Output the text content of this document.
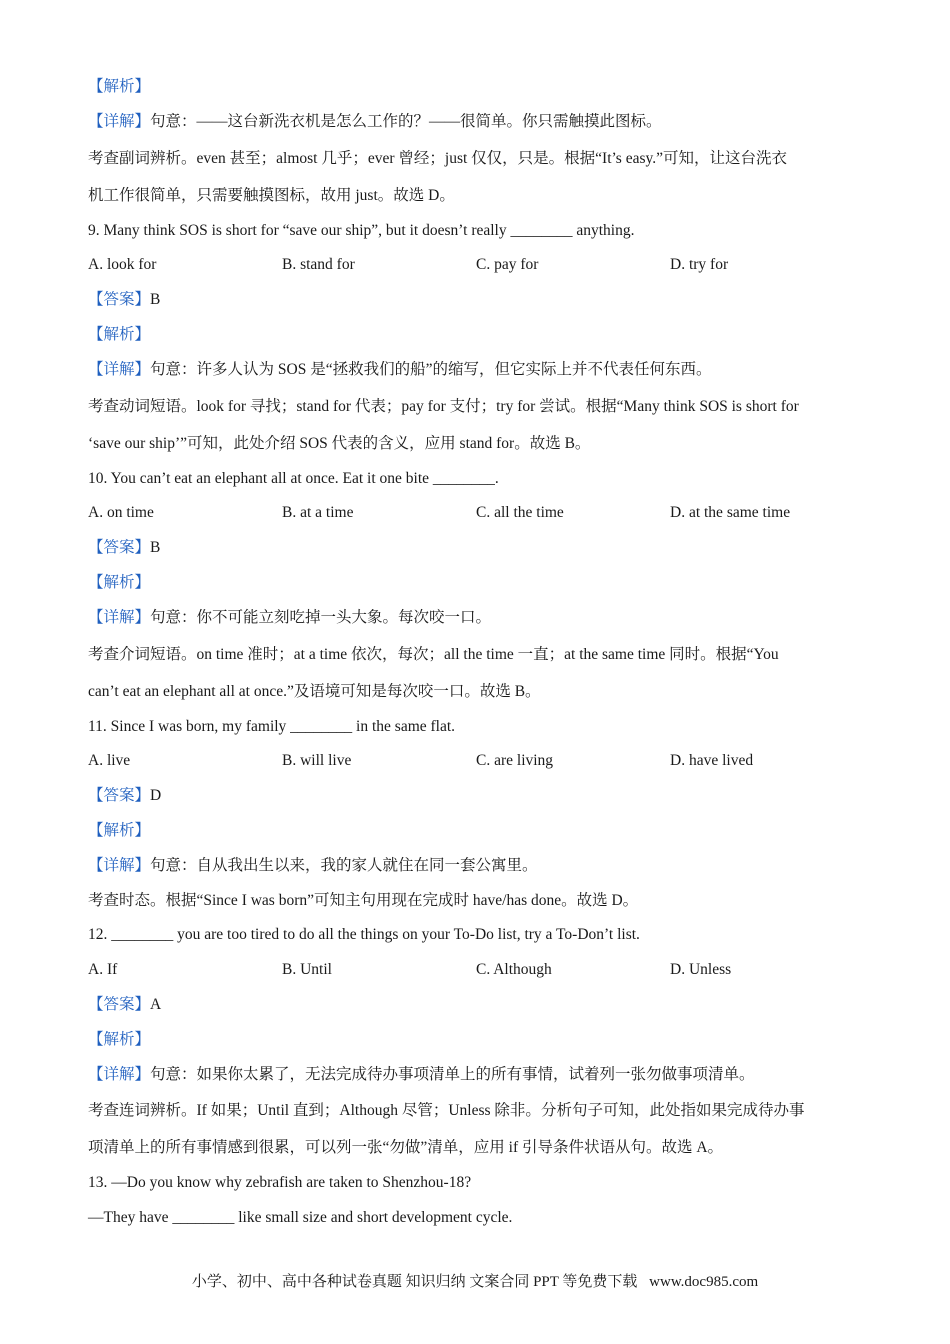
【解析】
【详解】句意：——这台新洗衣机是怎么工作的？——很简单。你只需触摸此图标。
考查副词辨析。even 甚至；almost 几乎；ever 曾经；just 仅仅，只是。根据“It’s easy.”可知，让这台洗衣
机工作很简单，只需要触摸图标，故用 just。故选 D。
9. Many think SOS is short for “save our ship”, but it doesn’t really ________ anything.
A. look for	B. stand for	C. pay for	D. try for
【答案】B
【解析】
【详解】句意：许多人认为 SOS 是“拯救我们的船”的缩写，但它实际上并不代表任何东西。
考查动词短语。look for 寻找；stand for 代表；pay for 支付；try for 尝试。根据“Many think SOS is short for
‘save our ship’”可知，此处介绍 SOS 代表的含义，应用 stand for。故选 B。
10. You can’t eat an elephant all at once. Eat it one bite ________.
A. on time	B. at a time	C. all the time	D. at the same time
【答案】B
【解析】
【详解】句意：你不可能立刻吃掉一头大象。每次咬一口。
考查介词短语。on time 准时；at a time 依次，每次；all the time 一直；at the same time 同时。根据“You
can’t eat an elephant all at once.”及语境可知是每次咬一口。故选 B。
11. Since I was born, my family ________ in the same flat.
A. live	B. will live	C. are living	D. have lived
【答案】D
【解析】
【详解】句意：自从我出生以来，我的家人就住在同一套公寓里。
考查时态。根据“Since I was born”可知主句用现在完成时 have/has done。故选 D。
12. ________ you are too tired to do all the things on your To-Do list, try a To-Don’t list.
A. If	B. Until	C. Although	D. Unless
【答案】A
【解析】
【详解】句意：如果你太累了，无法完成待办事项清单上的所有事情，试着列一张勿做事项清单。
考查连词辨析。If 如果；Until 直到；Although 尽管；Unless 除非。分析句子可知，此处指如果完成待办事
项清单上的所有事情感到很累，可以列一张“勿做”清单，应用 if 引导条件状语从句。故选 A。
13. —Do you know why zebrafish are taken to Shenzhou-18?
—They have ________ like small size and short development cycle.
小学、初中、高中各种试卷真题 知识归纳 文案合同 PPT 等免费下载 www.doc985.com
